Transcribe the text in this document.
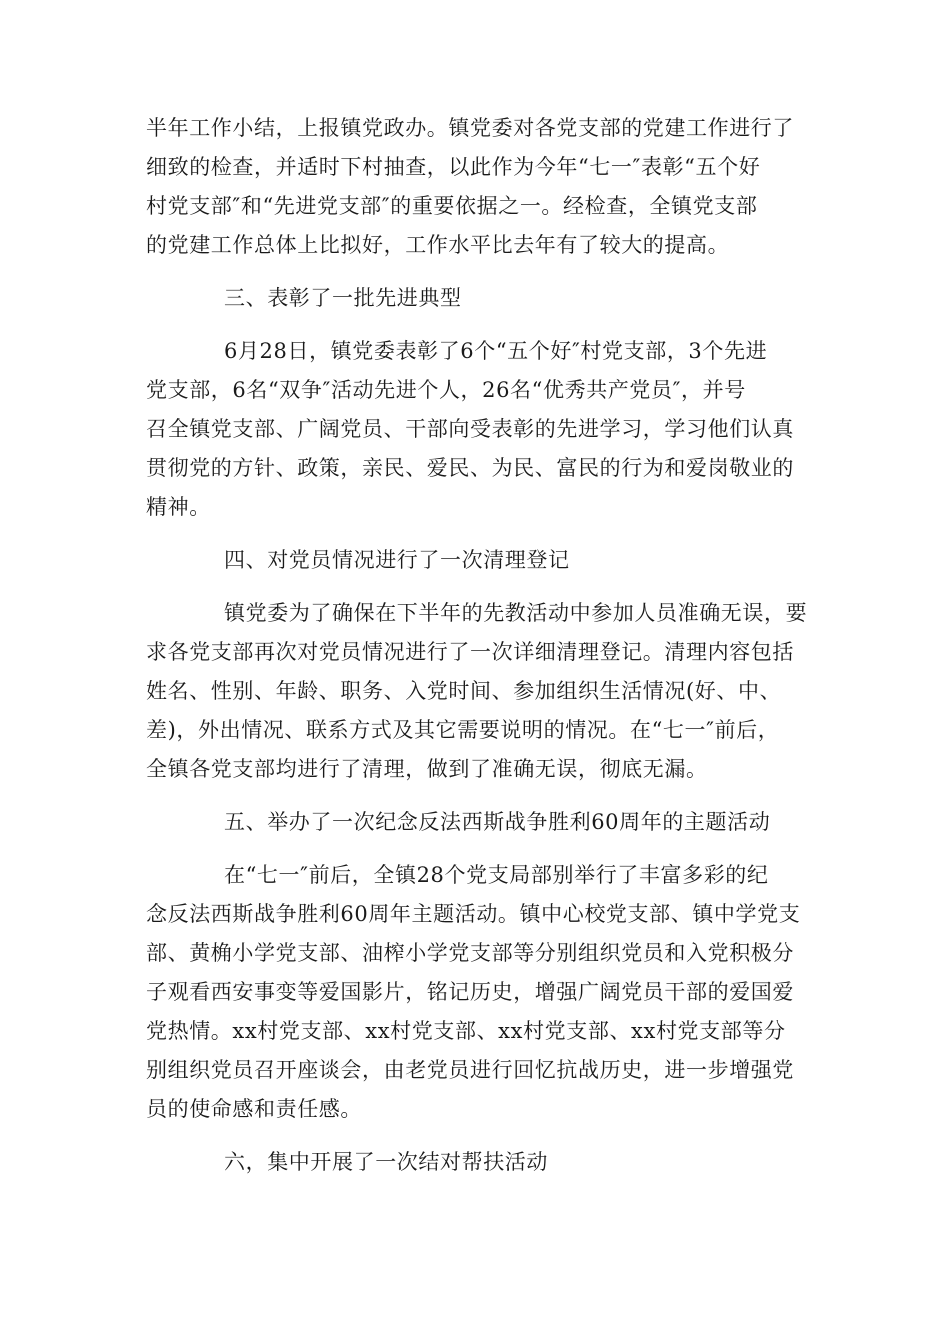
半年工作小结，上报镇党政办。镇党委对各党支部的党建工作进行了
细致的检查，并适时下村抽查，以此作为今年“七一″表彰“五个好
村党支部″和“先进党支部″的重要依据之一。经检查，全镇党支部
的党建工作总体上比拟好，工作水平比去年有了较大的提高。
三、表彰了一批先进典型
6月28日，镇党委表彰了6个“五个好″村党支部，3个先进
党支部，6名“双争″活动先进个人，26名“优秀共产党员″，并号
召全镇党支部、广阔党员、干部向受表彰的先进学习，学习他们认真
贯彻党的方针、政策，亲民、爱民、为民、富民的行为和爱岗敬业的
精神。
四、对党员情况进行了一次清理登记
镇党委为了确保在下半年的先教活动中参加人员准确无误，要
求各党支部再次对党员情况进行了一次详细清理登记。清理内容包括
姓名、性别、年龄、职务、入党时间、参加组织生活情况(好、中、
差)，外出情况、联系方式及其它需要说明的情况。在“七一″前后，
全镇各党支部均进行了清理，做到了准确无误，彻底无漏。
五、举办了一次纪念反法西斯战争胜利60周年的主题活动
在“七一″前后，全镇28个党支局部别举行了丰富多彩的纪
念反法西斯战争胜利60周年主题活动。镇中心校党支部、镇中学党支
部、黄桷小学党支部、油榨小学党支部等分别组织党员和入党积极分
子观看西安事变等爱国影片，铭记历史，增强广阔党员干部的爱国爱
党热情。xx村党支部、xx村党支部、xx村党支部、xx村党支部等分
别组织党员召开座谈会，由老党员进行回忆抗战历史，进一步增强党
员的使命感和责任感。
六，集中开展了一次结对帮扶活动
